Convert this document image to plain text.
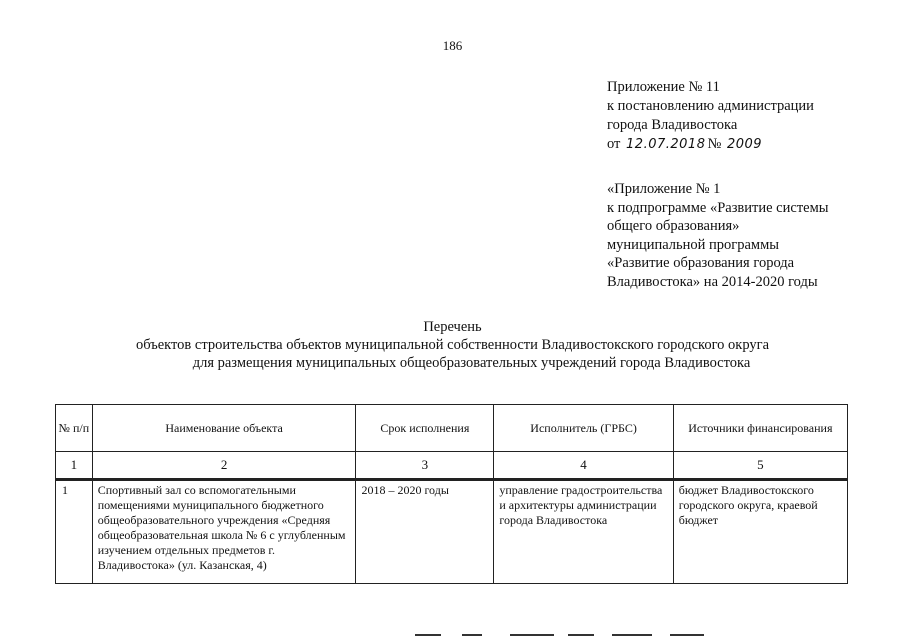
186
Приложение № 11
к постановлению администрации
города Владивостока
от 12.07.2018 № 2009
«Приложение № 1
к подпрограмме «Развитие системы
общего образования»
муниципальной программы
«Развитие образования города
Владивостока» на 2014-2020 годы
Перечень
объектов строительства объектов муниципальной собственности Владивостокского городского округа
для размещения муниципальных общеобразовательных учреждений города Владивостока
№ п/п	Наименование объекта	Срок исполнения	Исполнитель (ГРБС)	Источники финансирования
1	2	3	4	5
1	Спортивный зал со вспомогательными помещениями муниципального бюджетного общеобразовательного учреждения «Средняя общеобразовательная школа № 6 с углубленным изучением отдельных предметов г. Владивостока» (ул. Казанская, 4)	2018 – 2020 годы	управление градостроительства и архитектуры администрации города Владивостока	бюджет Владивостокского городского округа, краевой бюджет
